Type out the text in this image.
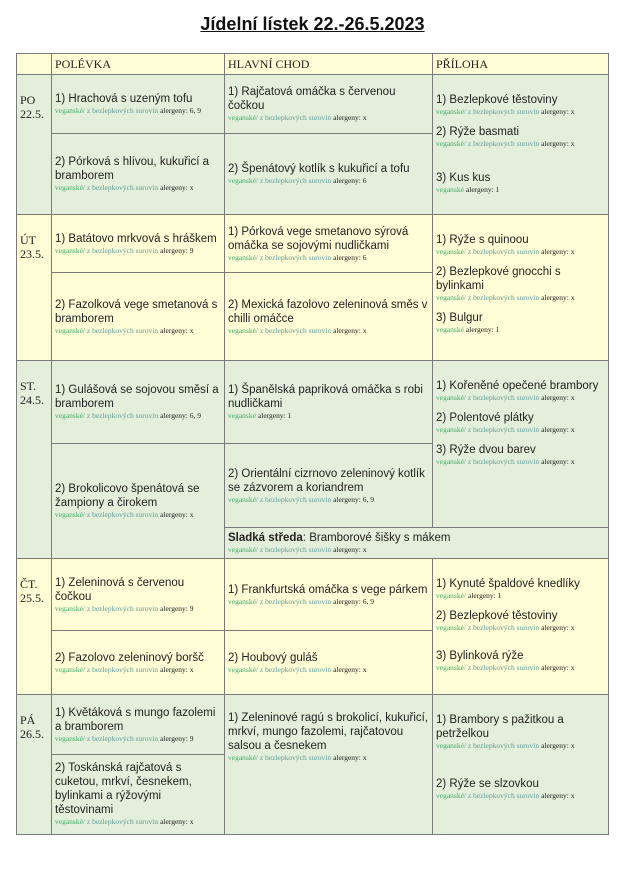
Jídelní lístek 22.-26.5.2023
POLÉVKA	HLAVNÍ CHOD	PŘÍLOHA
PO
22.5.
1) Hrachová s uzeným tofu
veganské/ z bezlepkových surovin alergeny: 6, 9
2) Pórková s hlívou, kukuřicí a bramborem
veganské/ z bezlepkových surovin alergeny: x
1) Rajčatová omáčka s červenou čočkou
veganské/ z bezlepkových surovin alergeny: x
2) Špenátový kotlík s kukuřicí a tofu
veganské/ z bezlepkových surovin alergeny: 6
1) Bezlepkové těstoviny
veganské/ z bezlepkových surovin alergeny: x
2) Rýže basmati
veganské/ z bezlepkových surovin alergeny: x
3) Kus kus
veganské alergeny: 1
ÚT
23.5.
1) Batátovo mrkvová s hráškem
veganské/ z bezlepkových surovin alergeny: 9
2) Fazolková vege smetanová s bramborem
veganské/ z bezlepkových surovin alergeny: x
1) Pórková vege smetanovo sýrová omáčka se sojovými nudličkami
veganské/ z bezlepkových surovin alergeny: 6
2) Mexická fazolovo zeleninová směs v chilli omáčce
veganské/ z bezlepkových surovin alergeny: x
1) Rýže s quinoou
veganské/ z bezlepkových surovin alergeny: x
2) Bezlepkové gnocchi s bylinkami
veganské/ z bezlepkových surovin alergeny: x
3) Bulgur
veganské alergeny: 1
ST.
24.5.
1) Gulášová se sojovou směsí a bramborem
veganské/ z bezlepkových surovin alergeny: 6, 9
2) Brokolicovo špenátová se žampiony a čirokem
veganské/ z bezlepkových surovin alergeny: x
1) Španělská papriková omáčka s robi nudličkami
veganské alergeny: 1
2) Orientální cizrnovo zeleninový kotlík se zázvorem a koriandrem
veganské/ z bezlepkových surovin alergeny: 6, 9
Sladká středa: Bramborové šišky s mákem
veganské/ z bezlepkových surovin alergeny: x
1) Kořeněné opečené brambory
veganské/ z bezlepkových surovin alergeny: x
2) Polentové plátky
veganské/ z bezlepkových surovin alergeny: x
3) Rýže dvou barev
veganské/ z bezlepkových surovin alergeny: x
ČT.
25.5.
1) Zeleninová s červenou čočkou
veganské/ z bezlepkových surovin alergeny: 9
2) Fazolovo zeleninový boršč
veganské/ z bezlepkových surovin alergeny: x
1) Frankfurtská omáčka s vege párkem
veganské/ z bezlepkových surovin alergeny: 6, 9
2) Houbový guláš
veganské/ z bezlepkových surovin alergeny: x
1) Kynuté špaldové knedlíky
veganské/ alergeny: 1
2) Bezlepkové těstoviny
veganské/ z bezlepkových surovin alergeny: x
3) Bylinková rýže
veganské/ z bezlepkových surovin alergeny: x
PÁ
26.5.
1) Květáková s mungo fazolemi a bramborem
veganské/ z bezlepkových surovin alergeny: 9
2) Toskánská rajčatová s cuketou, mrkví, česnekem, bylinkami a rýžovými těstovinami
veganské/ z bezlepkových surovin alergeny: x
1) Zeleninové ragú s brokolicí, kukuřicí, mrkví, mungo fazolemi, rajčatovou salsou a česnekem
veganské/ z bezlepkových surovin alergeny: x
1) Brambory s pažitkou a petrželkou
veganské/ z bezlepkových surovin alergeny: x
2) Rýže se slzovkou
veganské/ z bezlepkových surovin alergeny: x
